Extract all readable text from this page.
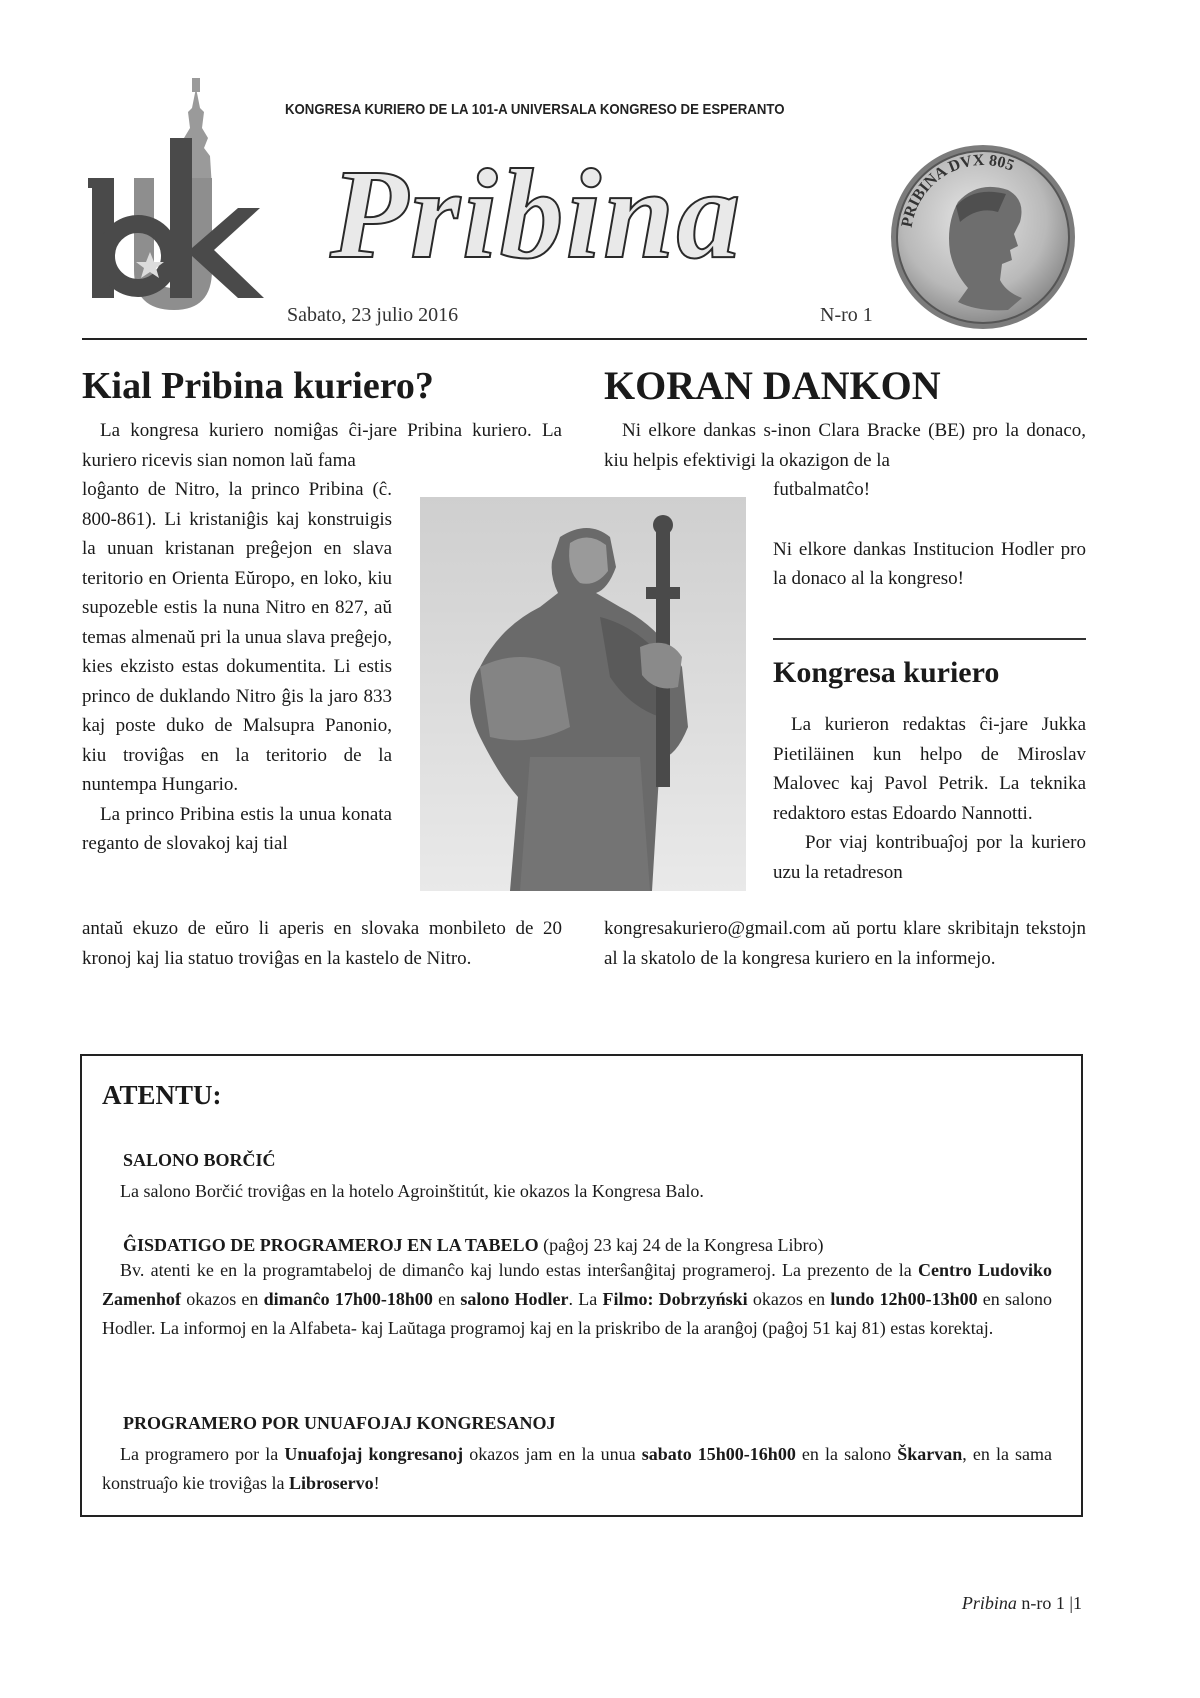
KONGRESA KURIERO DE LA 101-A UNIVERSALA KONGRESO DE ESPERANTO
Pribina	PRIBINA DVX 805
Sabato, 23 julio 2016	N-ro 1
Kial Pribina kuriero?

La kongresa kuriero nomiĝas ĉi-jare Pribina kuriero. La kuriero ricevis sian nomon laŭ fama

loĝanto de Nitro, la princo Pribina (ĉ. 800-861). Li kristaniĝis kaj konstruigis la unuan kristanan preĝejon en slava teritorio en Orienta Eŭropo, en loko, kiu supozeble estis la nuna Nitro en 827, aŭ temas almenaŭ pri la unua slava preĝejo, kies ekzisto estas dokumentita. Li estis princo de duklando Nitro ĝis la jaro 833 kaj poste duko de Malsupra Panonio, kiu troviĝas en la teritorio de la nuntempa Hungario.

La princo Pribina estis la unua konata reganto de slovakoj kaj tial

antaŭ ekuzo de eŭro li aperis en slovaka monbileto de 20 kronoj kaj lia statuo troviĝas en la kastelo de Nitro.

KORAN DANKON

Ni elkore dankas s-inon Clara Bracke (BE) pro la donaco, kiu helpis efektivigi la okazigon de la

futbalmatĉo!

Ni elkore dankas Institucion Hodler pro la donaco al la kongreso!

Kongresa kuriero

La kurieron redaktas ĉi-jare Jukka Pietiläinen kun helpo de Miroslav Malovec kaj Pavol Petrik. La teknika redaktoro estas Edoardo Nannotti.

Por viaj kontribuaĵoj por la kuriero uzu la retadreson

kongresakuriero@gmail.com aŭ portu klare skribitajn tekstojn al la skatolo de la kongresa kuriero en la informejo.

ATENTU:
SALONO BORČIĆ

La salono Borčić troviĝas en la hotelo Agroinštitút, kie okazos la Kongresa Balo.

ĜISDATIGO DE PROGRAMEROJ EN LA TABELO (paĝoj 23 kaj 24 de la Kongresa Libro)

Bv. atenti ke en la programtabeloj de dimanĉo kaj lundo estas interŝanĝitaj programeroj. La prezento de la Centro Ludoviko Zamenhof okazos en dimanĉo 17h00-18h00 en salono Hodler. La Filmo: Dobrzyński okazos en lundo 12h00-13h00 en salono Hodler. La informoj en la Alfabeta- kaj Laŭtaga programoj kaj en la priskribo de la aranĝoj (paĝoj 51 kaj 81) estas korektaj.

PROGRAMERO POR UNUAFOJAJ KONGRESANOJ

La programero por la Unuafojaj kongresanoj okazos jam en la unua sabato 15h00-16h00 en la salono Škarvan, en la sama konstruaĵo kie troviĝas la Libroservo!

Pribina n-ro 1 |1
